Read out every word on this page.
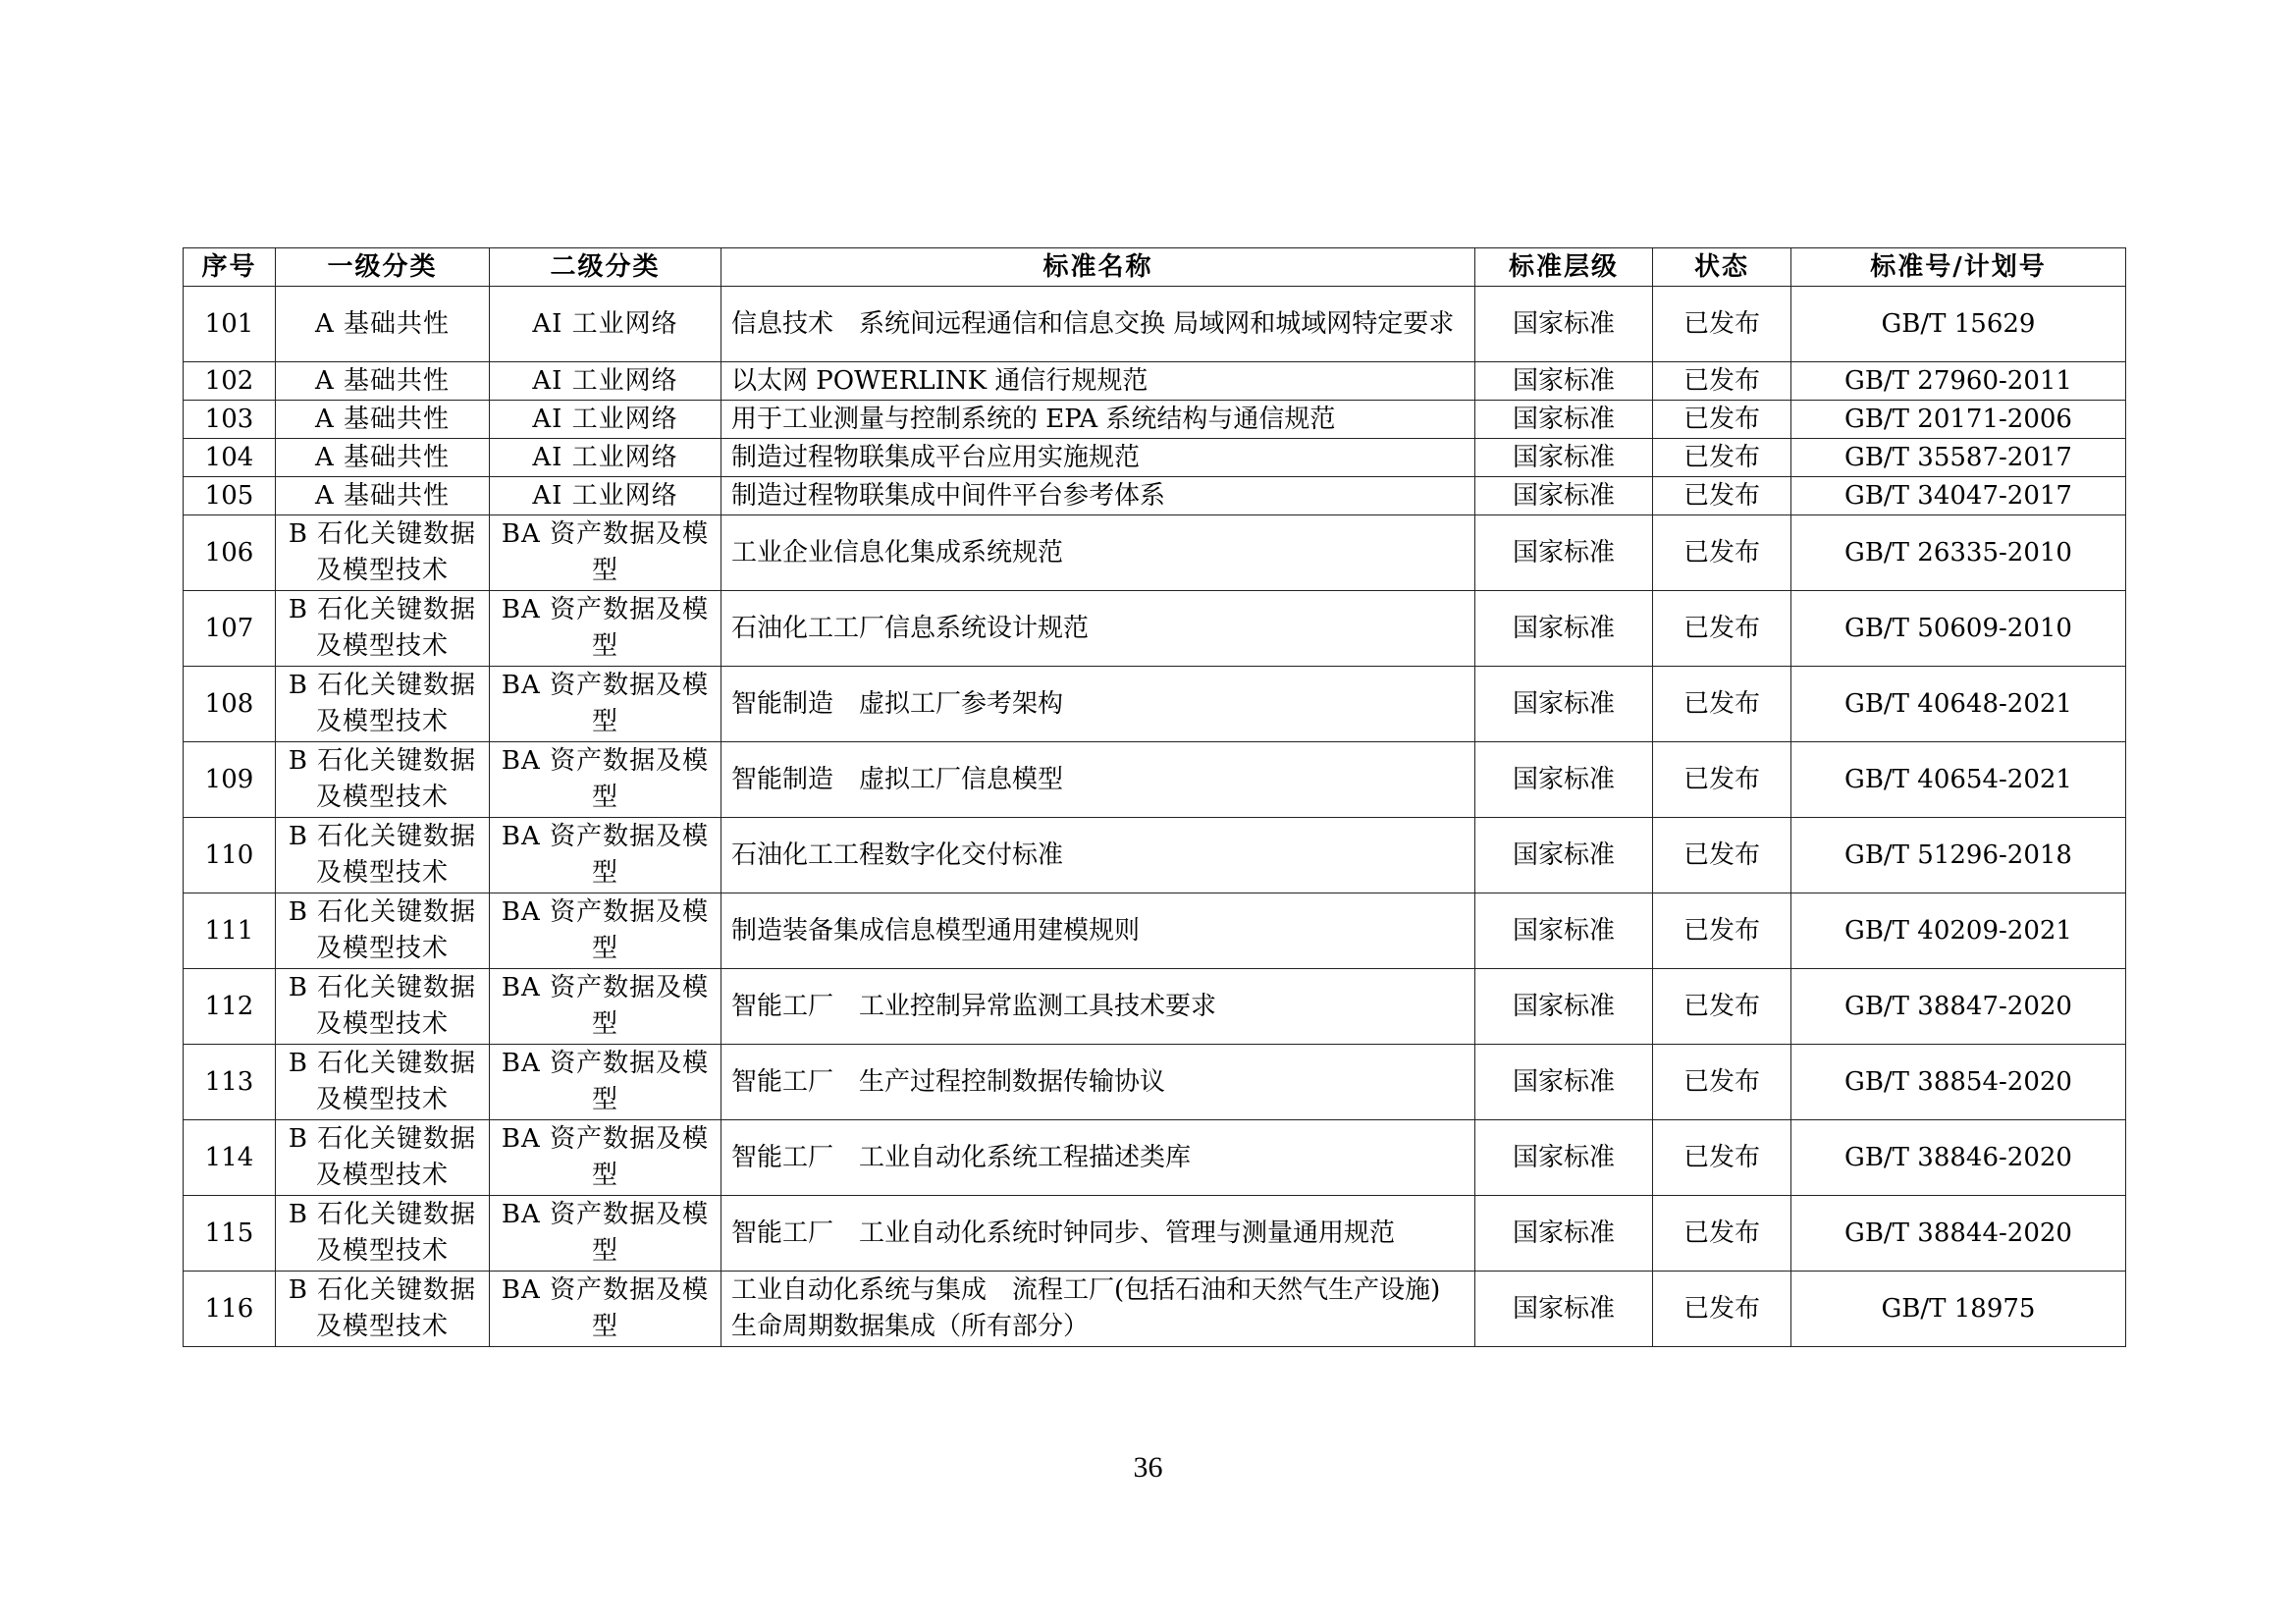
序号	一级分类	二级分类	标准名称	标准层级	状态	标准号/计划号
101	A 基础共性	AI 工业网络	信息技术　系统间远程通信和信息交换 局域网和城域网特定要求	国家标准	已发布	GB/T 15629
102	A 基础共性	AI 工业网络	以太网 POWERLINK 通信行规规范	国家标准	已发布	GB/T 27960-2011
103	A 基础共性	AI 工业网络	用于工业测量与控制系统的 EPA 系统结构与通信规范	国家标准	已发布	GB/T 20171-2006
104	A 基础共性	AI 工业网络	制造过程物联集成平台应用实施规范	国家标准	已发布	GB/T 35587-2017
105	A 基础共性	AI 工业网络	制造过程物联集成中间件平台参考体系	国家标准	已发布	GB/T 34047-2017
106	B 石化关键数据及模型技术	BA 资产数据及模型	工业企业信息化集成系统规范	国家标准	已发布	GB/T 26335-2010
107	B 石化关键数据及模型技术	BA 资产数据及模型	石油化工工厂信息系统设计规范	国家标准	已发布	GB/T 50609-2010
108	B 石化关键数据及模型技术	BA 资产数据及模型	智能制造　虚拟工厂参考架构	国家标准	已发布	GB/T 40648-2021
109	B 石化关键数据及模型技术	BA 资产数据及模型	智能制造　虚拟工厂信息模型	国家标准	已发布	GB/T 40654-2021
110	B 石化关键数据及模型技术	BA 资产数据及模型	石油化工工程数字化交付标准	国家标准	已发布	GB/T 51296-2018
111	B 石化关键数据及模型技术	BA 资产数据及模型	制造装备集成信息模型通用建模规则	国家标准	已发布	GB/T 40209-2021
112	B 石化关键数据及模型技术	BA 资产数据及模型	智能工厂　工业控制异常监测工具技术要求	国家标准	已发布	GB/T 38847-2020
113	B 石化关键数据及模型技术	BA 资产数据及模型	智能工厂　生产过程控制数据传输协议	国家标准	已发布	GB/T 38854-2020
114	B 石化关键数据及模型技术	BA 资产数据及模型	智能工厂　工业自动化系统工程描述类库	国家标准	已发布	GB/T 38846-2020
115	B 石化关键数据及模型技术	BA 资产数据及模型	智能工厂　工业自动化系统时钟同步、管理与测量通用规范	国家标准	已发布	GB/T 38844-2020
116	B 石化关键数据及模型技术	BA 资产数据及模型	工业自动化系统与集成　流程工厂(包括石油和天然气生产设施)生命周期数据集成（所有部分）	国家标准	已发布	GB/T 18975
36
